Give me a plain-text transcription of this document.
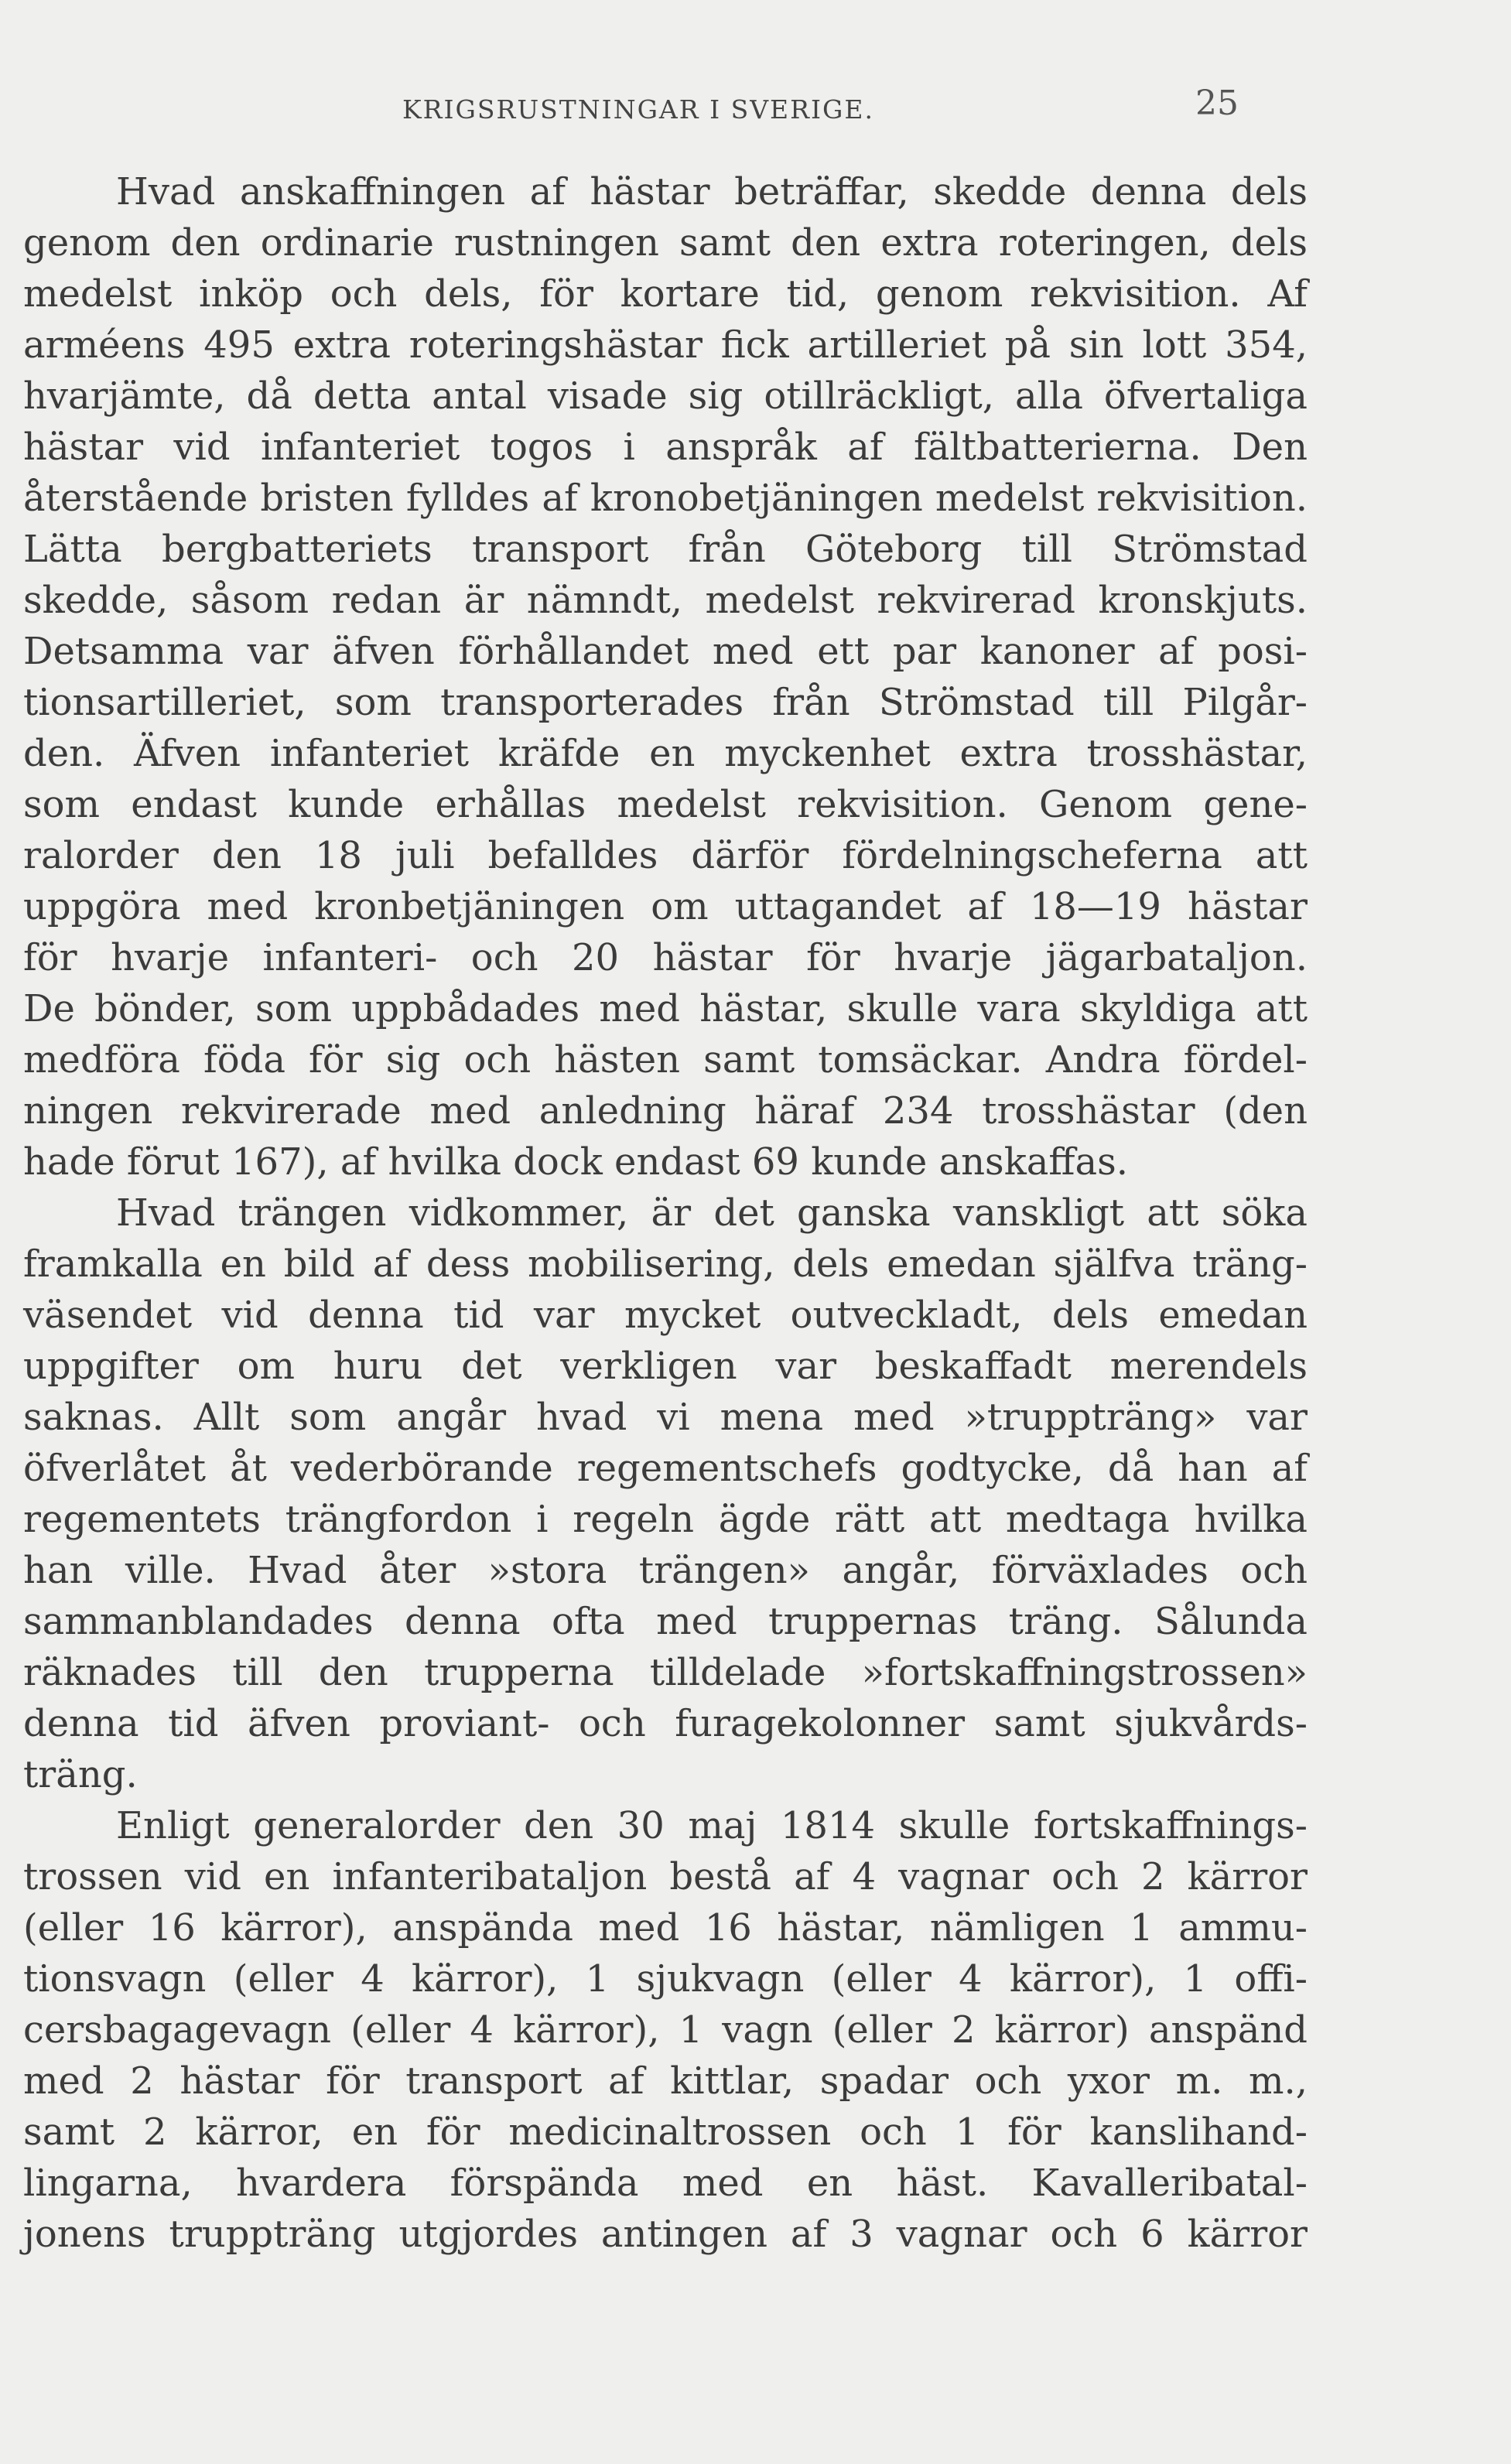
KRIGSRUSTNINGAR I SVERIGE.	25
Hvad anskaffningen af hästar beträffar, skedde denna dels
genom den ordinarie rustningen samt den extra roteringen, dels
medelst inköp och dels, för kortare tid, genom rekvisition. Af
arméens 495 extra roteringshästar fick artilleriet på sin lott 354,
hvarjämte, då detta antal visade sig otillräckligt, alla öfvertaliga
hästar vid infanteriet togos i anspråk af fältbatterierna. Den
återstående bristen fylldes af kronobetjäningen medelst rekvisition.
Lätta bergbatteriets transport från Göteborg till Strömstad
skedde, såsom redan är nämndt, medelst rekvirerad kronskjuts.
Detsamma var äfven förhållandet med ett par kanoner af posi-
tionsartilleriet, som transporterades från Strömstad till Pilgår-
den. Äfven infanteriet kräfde en myckenhet extra trosshästar,
som endast kunde erhållas medelst rekvisition. Genom gene-
ralorder den 18 juli befalldes därför fördelningscheferna att
uppgöra med kronbetjäningen om uttagandet af 18—19 hästar
för hvarje infanteri- och 20 hästar för hvarje jägarbataljon.
De bönder, som uppbådades med hästar, skulle vara skyldiga att
medföra föda för sig och hästen samt tomsäckar. Andra fördel-
ningen rekvirerade med anledning häraf 234 trosshästar (den
hade förut 167), af hvilka dock endast 69 kunde anskaffas.
Hvad trängen vidkommer, är det ganska vanskligt att söka
framkalla en bild af dess mobilisering, dels emedan själfva träng-
väsendet vid denna tid var mycket outveckladt, dels emedan
uppgifter om huru det verkligen var beskaffadt merendels
saknas. Allt som angår hvad vi mena med »truppträng» var
öfverlåtet åt vederbörande regementschefs godtycke, då han af
regementets trängfordon i regeln ägde rätt att medtaga hvilka
han ville. Hvad åter »stora trängen» angår, förväxlades och
sammanblandades denna ofta med truppernas träng. Sålunda
räknades till den trupperna tilldelade »fortskaffningstrossen»
denna tid äfven proviant- och furagekolonner samt sjukvårds-
träng.
Enligt generalorder den 30 maj 1814 skulle fortskaffnings-
trossen vid en infanteribataljon bestå af 4 vagnar och 2 kärror
(eller 16 kärror), anspända med 16 hästar, nämligen 1 ammu-
tionsvagn (eller 4 kärror), 1 sjukvagn (eller 4 kärror), 1 offi-
cersbagagevagn (eller 4 kärror), 1 vagn (eller 2 kärror) anspänd
med 2 hästar för transport af kittlar, spadar och yxor m. m.,
samt 2 kärror, en för medicinaltrossen och 1 för kanslihand-
lingarna, hvardera förspända med en häst. Kavalleribatal-
jonens truppträng utgjordes antingen af 3 vagnar och 6 kärror
